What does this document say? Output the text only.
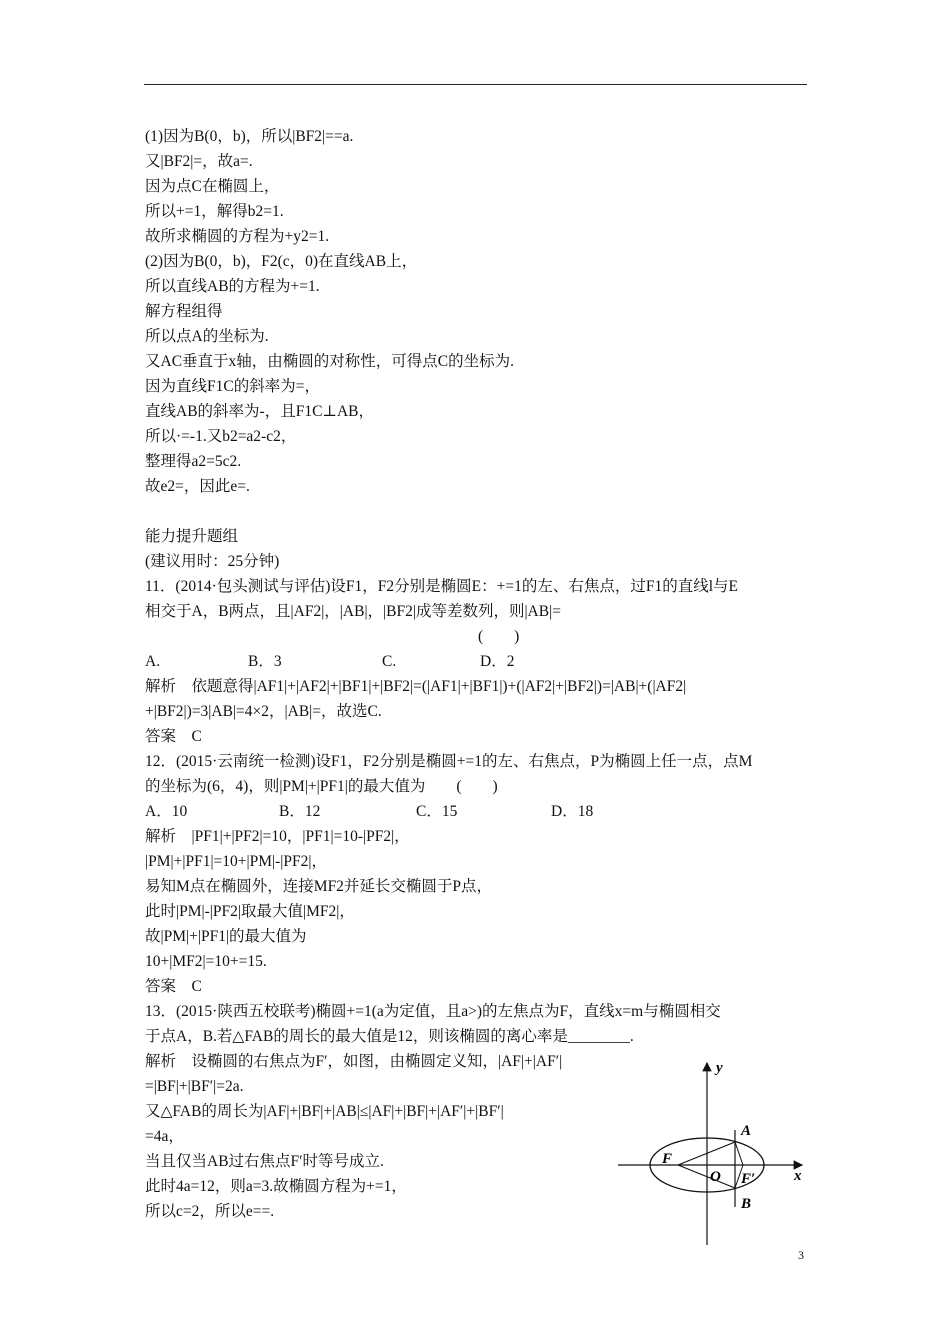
(1)因为B(0，b)，所以|BF2|==a.
又|BF2|=，故a=.
因为点C在椭圆上，
所以+=1，解得b2=1.
故所求椭圆的方程为+y2=1.
(2)因为B(0，b)，F2(c，0)在直线AB上，
所以直线AB的方程为+=1.
解方程组得
所以点A的坐标为.
又AC垂直于x轴，由椭圆的对称性，可得点C的坐标为.
因为直线F1C的斜率为=，
直线AB的斜率为-，且F1C⊥AB，
所以·=-1.又b2=a2-c2，
整理得a2=5c2.
故e2=，因此e=.
能力提升题组
(建议用时：25分钟)
11．(2014·包头测试与评估)设F1，F2分别是椭圆E：+=1的左、右焦点，过F1的直线l与E
相交于A，B两点，且|AF2|，|AB|，|BF2|成等差数列，则|AB|=
(　　)
A.	B．3	C.	D．2
解析　依题意得|AF1|+|AF2|+|BF1|+|BF2|=(|AF1|+|BF1|)+(|AF2|+|BF2|)=|AB|+(|AF2|
+|BF2|)=3|AB|=4×2，|AB|=，故选C.
答案　C
12．(2015·云南统一检测)设F1，F2分别是椭圆+=1的左、右焦点，P为椭圆上任一点，点M
的坐标为(6，4)，则|PM|+|PF1|的最大值为　　(　　)
A．10	B．12	C．15	D．18
解析　|PF1|+|PF2|=10，|PF1|=10-|PF2|，
|PM|+|PF1|=10+|PM|-|PF2|，
易知M点在椭圆外，连接MF2并延长交椭圆于P点，
此时|PM|-|PF2|取最大值|MF2|，
故|PM|+|PF1|的最大值为
10+|MF2|=10+=15.
答案　C
13．(2015·陕西五校联考)椭圆+=1(a为定值，且a>)的左焦点为F，直线x=m与椭圆相交
于点A，B.若△FAB的周长的最大值是12，则该椭圆的离心率是________.
解析　设椭圆的右焦点为F′，如图，由椭圆定义知，|AF|+|AF′|
=|BF|+|BF′|=2a.
又△FAB的周长为|AF|+|BF|+|AB|≤|AF|+|BF|+|AF′|+|BF′|
=4a，
当且仅当AB过右焦点F′时等号成立.
此时4a=12，则a=3.故椭圆方程为+=1，
所以c=2，所以e==.
y
x
A
B
F
O F′
3
